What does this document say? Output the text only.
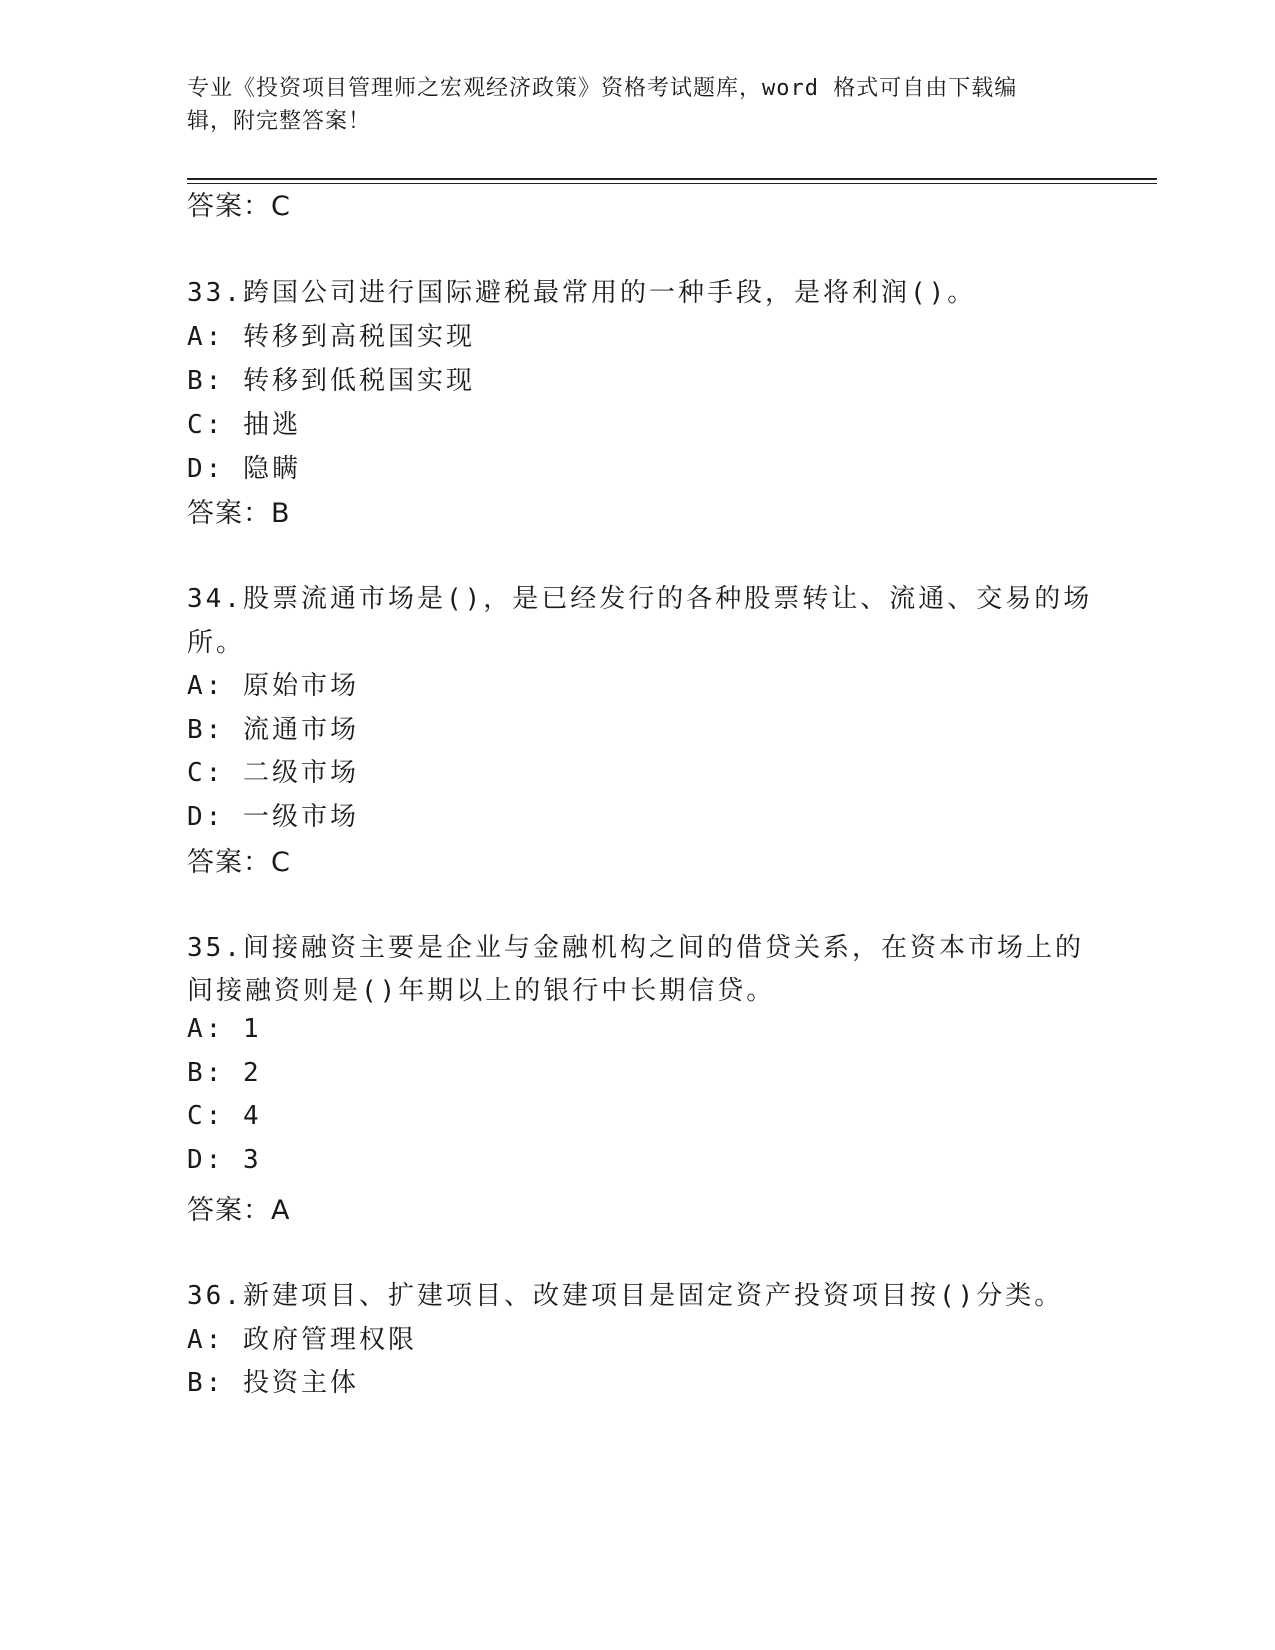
专业《投资项目管理师之宏观经济政策》资格考试题库，word 格式可自由下载编
辑，附完整答案！
答案：C
33.跨国公司进行国际避税最常用的一种手段，是将利润()。
A: 转移到高税国实现
B: 转移到低税国实现
C: 抽逃
D: 隐瞒
答案：B
34.股票流通市场是()，是已经发行的各种股票转让、流通、交易的场
所。
A: 原始市场
B: 流通市场
C: 二级市场
D: 一级市场
答案：C
35.间接融资主要是企业与金融机构之间的借贷关系，在资本市场上的
间接融资则是()年期以上的银行中长期信贷。
A: 1
B: 2
C: 4
D: 3
答案：A
36.新建项目、扩建项目、改建项目是固定资产投资项目按()分类。
A: 政府管理权限
B: 投资主体
